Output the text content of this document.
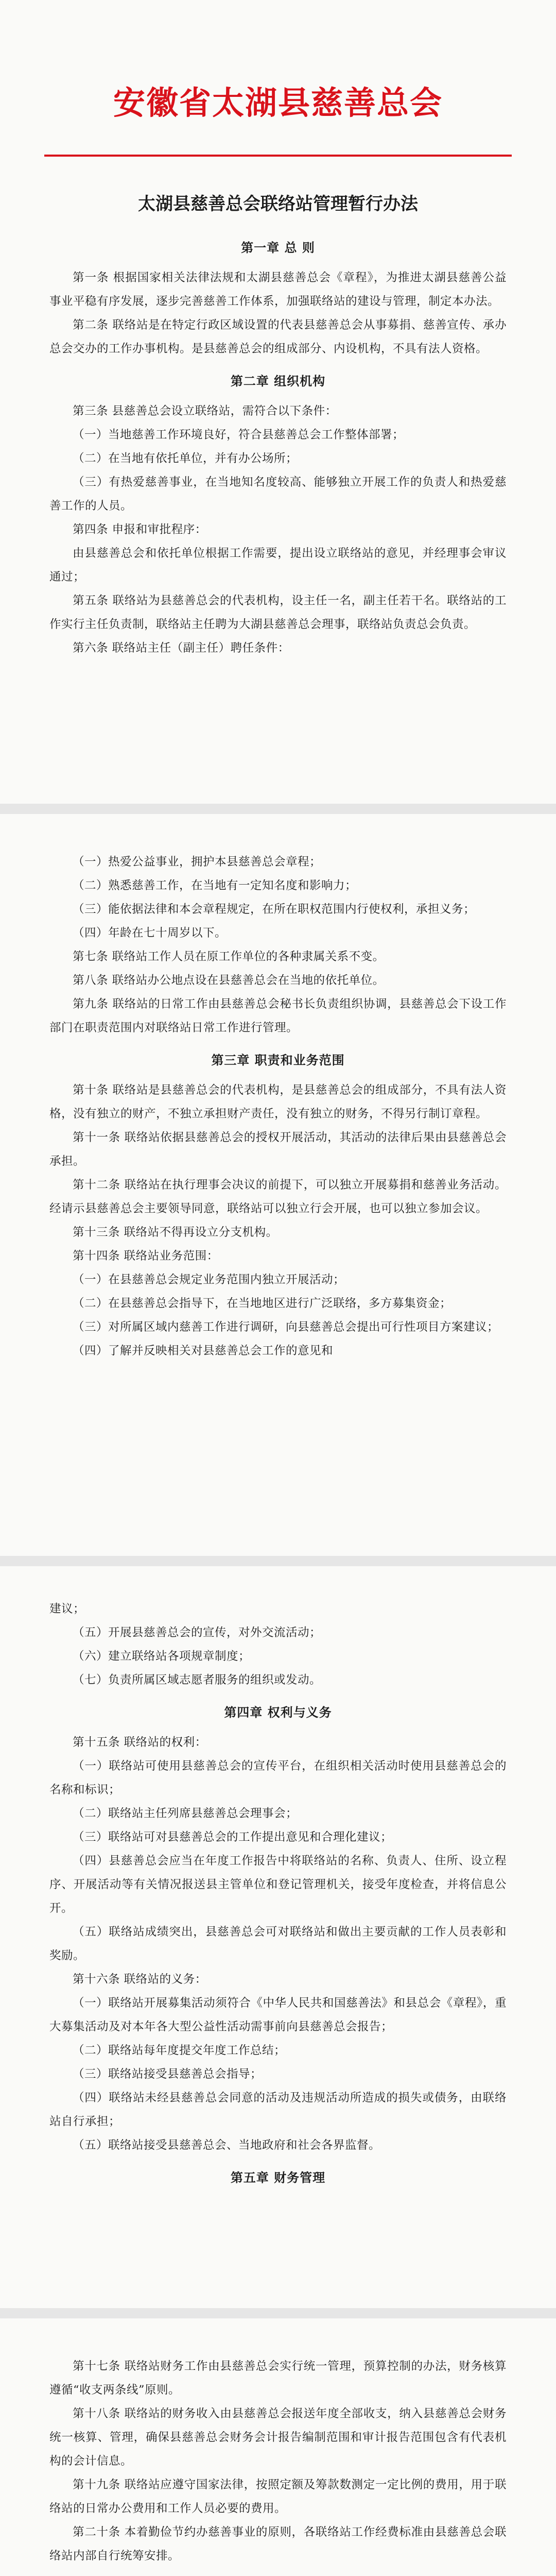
安徽省太湖县慈善总会
太湖县慈善总会联络站管理暂行办法
第一章 总 则

第一条 根据国家相关法律法规和太湖县慈善总会《章程》，为推进太湖县慈善公益事业平稳有序发展，逐步完善慈善工作体系，加强联络站的建设与管理，制定本办法。

第二条 联络站是在特定行政区域设置的代表县慈善总会从事募捐、慈善宣传、承办总会交办的工作办事机构。是县慈善总会的组成部分、内设机构，不具有法人资格。

第二章 组织机构

第三条 县慈善总会设立联络站，需符合以下条件：

（一）当地慈善工作环境良好，符合县慈善总会工作整体部署；

（二）在当地有依托单位，并有办公场所；

（三）有热爱慈善事业，在当地知名度较高、能够独立开展工作的负责人和热爱慈善工作的人员。

第四条 申报和审批程序：

由县慈善总会和依托单位根据工作需要，提出设立联络站的意见，并经理事会审议通过；

第五条 联络站为县慈善总会的代表机构，设主任一名，副主任若干名。联络站的工作实行主任负责制，联络站主任聘为大湖县慈善总会理事，联络站负责总会负责。

第六条 联络站主任（副主任）聘任条件：

（一）热爱公益事业，拥护本县慈善总会章程；

（二）熟悉慈善工作，在当地有一定知名度和影响力；

（三）能依据法律和本会章程规定，在所在职权范围内行使权利，承担义务；

（四）年龄在七十周岁以下。

第七条 联络站工作人员在原工作单位的各种隶属关系不变。

第八条 联络站办公地点设在县慈善总会在当地的依托单位。

第九条 联络站的日常工作由县慈善总会秘书长负责组织协调，县慈善总会下设工作部门在职责范围内对联络站日常工作进行管理。

第三章 职责和业务范围

第十条 联络站是县慈善总会的代表机构，是县慈善总会的组成部分，不具有法人资格，没有独立的财产，不独立承担财产责任，没有独立的财务，不得另行制订章程。

第十一条 联络站依据县慈善总会的授权开展活动，其活动的法律后果由县慈善总会承担。

第十二条 联络站在执行理事会决议的前提下，可以独立开展募捐和慈善业务活动。经请示县慈善总会主要领导同意，联络站可以独立行会开展，也可以独立参加会议。

第十三条 联络站不得再设立分支机构。

第十四条 联络站业务范围：

（一）在县慈善总会规定业务范围内独立开展活动；

（二）在县慈善总会指导下，在当地地区进行广泛联络，多方募集资金；

（三）对所属区域内慈善工作进行调研，向县慈善总会提出可行性项目方案建议；

（四）了解并反映相关对县慈善总会工作的意见和

建议；

（五）开展县慈善总会的宣传，对外交流活动；

（六）建立联络站各项规章制度；

（七）负责所属区域志愿者服务的组织或发动。

第四章 权利与义务

第十五条 联络站的权利：

（一）联络站可使用县慈善总会的宣传平台，在组织相关活动时使用县慈善总会的名称和标识；

（二）联络站主任列席县慈善总会理事会；

（三）联络站可对县慈善总会的工作提出意见和合理化建议；

（四）县慈善总会应当在年度工作报告中将联络站的名称、负责人、住所、设立程序、开展活动等有关情况报送县主管单位和登记管理机关，接受年度检查，并将信息公开。

（五）联络站成绩突出，县慈善总会可对联络站和做出主要贡献的工作人员表彰和奖励。

第十六条 联络站的义务：

（一）联络站开展募集活动须符合《中华人民共和国慈善法》和县总会《章程》，重大募集活动及对本年各大型公益性活动需事前向县慈善总会报告；

（二）联络站每年度提交年度工作总结；

（三）联络站接受县慈善总会指导；

（四）联络站未经县慈善总会同意的活动及违规活动所造成的损失或债务，由联络站自行承担；

（五）联络站接受县慈善总会、当地政府和社会各界监督。

第五章 财务管理

第十七条 联络站财务工作由县慈善总会实行统一管理，预算控制的办法，财务核算遵循“收支两条线”原则。

第十八条 联络站的财务收入由县慈善总会报送年度全部收支，纳入县慈善总会财务统一核算、管理，确保县慈善总会财务会计报告编制范围和审计报告范围包含有代表机构的会计信息。

第十九条 联络站应遵守国家法律，按照定额及筹款数测定一定比例的费用，用于联络站的日常办公费用和工作人员必要的费用。

第二十条 本着勤俭节约办慈善事业的原则，各联络站工作经费标准由县慈善总会联络站内部自行统筹安排。
